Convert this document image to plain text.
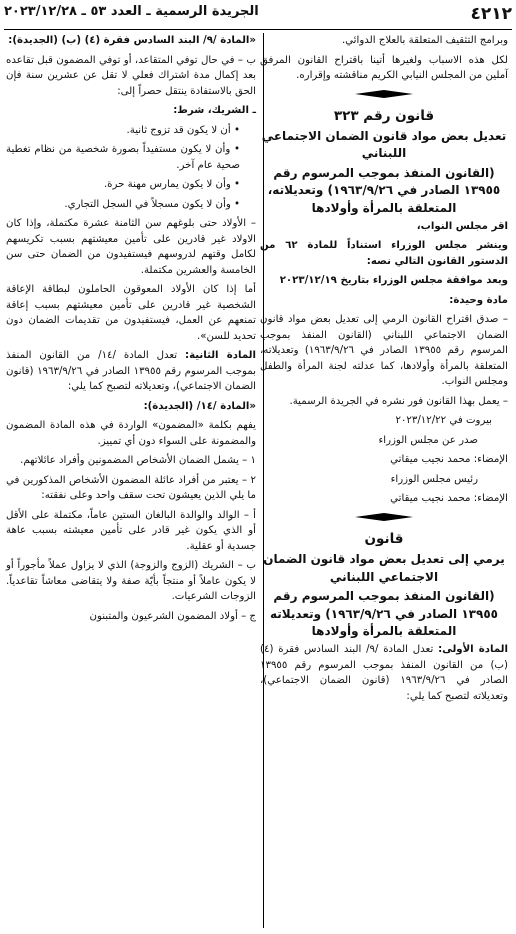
٤٢١٢
الجريدة الرسمية ـ العدد ٥٣ ـ ٢٠٢٣/١٢/٢٨

وبرامج التثقيف المتعلقة بالعلاج الدوائي.

لكل هذه الاسباب ولغيرها أتينا باقتراح القانون المرفق آملين من المجلس النيابي الكريم مناقشته وإقراره.

قانون رقم ٣٢٣
تعديل بعض مواد قانون الضمان الاجتماعي اللبناني
(القانون المنفذ بموجب المرسوم رقم ١٣٩٥٥ الصادر في ١٩٦٣/٩/٢٦) وتعديلاته، المتعلقة بالمرأة وأولادها

اقر مجلس النواب،

وينشر مجلس الوزراء استناداً للمادة ٦٢ من الدستور القانون التالي نصه:

وبعد موافقة مجلس الوزراء بتاريخ ٢٠٢٣/١٢/١٩

مادة وحيدة:

– صدق اقتراح القانون الرمي إلى تعديل بعض مواد قانون الضمان الاجتماعي اللبناني (القانون المنفذ بموجب المرسوم رقم ١٣٩٥٥ الصادر في ١٩٦٣/٩/٢٦) وتعديلاته، المتعلقة بالمرأة وأولادها، كما عدلته لجنة المرأة والطفل ومجلس النواب.

– يعمل بهذا القانون فور نشره في الجريدة الرسمية.

بيروت في ٢٠٢٣/١٢/٢٢

صدر عن مجلس الوزراء

الإمضاء: محمد نجيب ميقاتي

رئيس مجلس الوزراء

الإمضاء: محمد نجيب ميقاتي

قانون
يرمي إلى تعديل بعض مواد قانون الضمان الاجتماعي اللبناني
(القانون المنفذ بموجب المرسوم رقم ١٣٩٥٥ الصادر في ١٩٦٣/٩/٢٦) وتعديلاته المتعلقة بالمرأة وأولادها

المادة الأولى: تعدل المادة /٩/ البند السادس فقرة (٤) (ب) من القانون المنفذ بموجب المرسوم رقم ١٣٩٥٥ الصادر في ١٩٦٣/٩/٢٦ (قانون الضمان الاجتماعي)، وتعديلاته لتصبح كما يلي:

«المادة /٩/ البند السادس فقرة (٤) (ب) (الجديدة):

ب – في حال توفي المتقاعد، أو توفي المضمون قبل تقاعده بعد إكمال مدة اشتراك فعلي لا تقل عن عشرين سنة فإن الحق بالاستفادة ينتقل حصراً إلى:

ـ الشريك، شرط:

• أن لا يكون قد تزوج ثانية.

• وأن لا يكون مستفيداً بصورة شخصية من نظام تغطية صحية عام آخر.

• وأن لا يكون يمارس مهنة حرة.

• وأن لا يكون مسجلاً في السجل التجاري.

– الأولاد حتى بلوغهم سن الثامنة عشرة مكتملة، وإذا كان الاولاد غير قادرين على تأمين معيشتهم بسبب تكريسهم لكامل وقتهم لدروسهم فيستفيدون من الضمان حتى سن الخامسة والعشرين مكتملة.

أما إذا كان الأولاد المعوقون الحاملون لبطاقة الإعاقة الشخصية غير قادرين على تأمين معيشتهم بسبب إعاقة تمنعهم عن العمل، فيستفيدون من تقديمات الضمان دون تحديد للسن».

المادة الثانية: تعدل المادة /١٤/ من القانون المنفذ بموجب المرسوم رقم ١٣٩٥٥ الصادر في ١٩٦٣/٩/٢٦ (قانون الضمان الاجتماعي)، وتعديلاته لتصبح كما يلي:

«المادة /١٤/ (الجديدة):

يفهم بكلمة «المضمون» الواردة في هذه المادة المضمون والمضمونة على السواء دون أي تمييز.

١ – يشمل الضمان الأشخاص المضمونين وأفراد عائلاتهم.

٢ – يعتبر من أفراد عائلة المضمون الأشخاص المذكورين في ما يلي الذين يعيشون تحت سقف واحد وعلى نفقته:

أ – الوالد والوالدة البالغان الستين عاماً، مكتملة على الأقل أو الذي يكون غير قادر على تأمين معيشته بسبب عاهة جسدية أو عقلية.

ب – الشريك (الزوج والزوجة) الذي لا يزاول عملاً مأجوراً أو لا يكون عاملاً أو منتجاً بأيّة صفة ولا يتقاضى معاشاً تقاعدياً. الزوجات الشرعيات.

ج – أولاد المضمون الشرعيون والمتبنون
